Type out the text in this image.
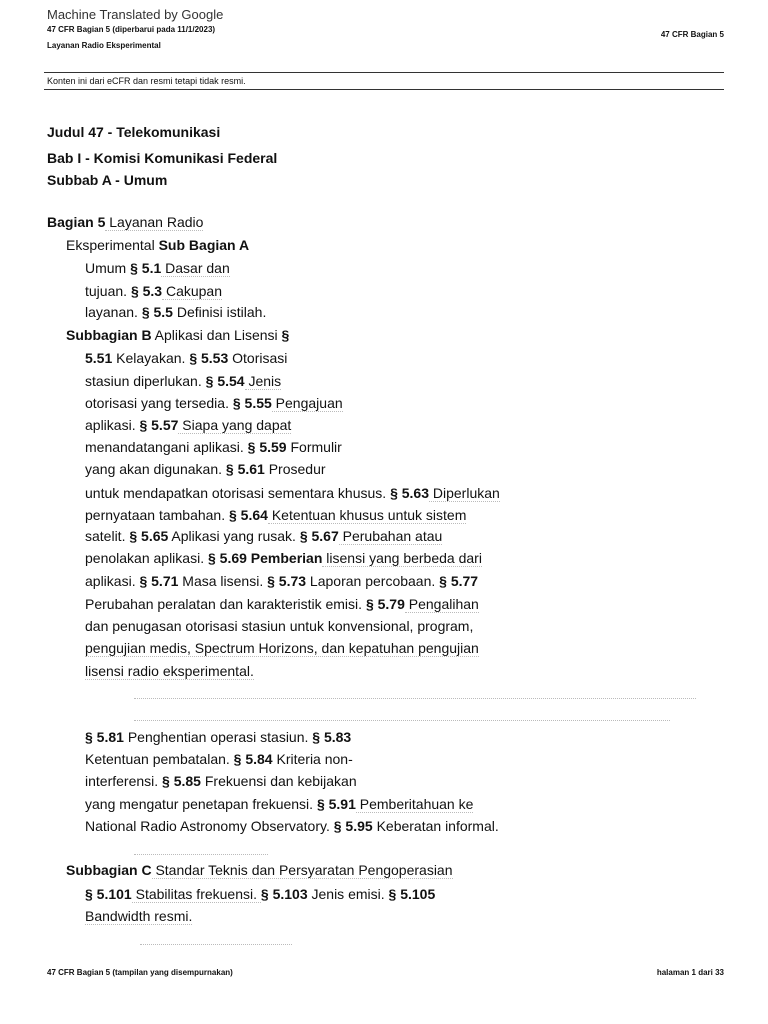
Machine Translated by Google
47 CFR Bagian 5 (diperbarui pada 11/1/2023)
Layanan Radio Eksperimental
47 CFR Bagian 5
Konten ini dari eCFR dan resmi tetapi tidak resmi.
Judul 47 - Telekomunikasi
Bab I - Komisi Komunikasi Federal
Subbab A - Umum
Bagian 5 Layanan Radio
Eksperimental Sub Bagian A
Umum § 5.1 Dasar dan
tujuan. § 5.3 Cakupan
layanan. § 5.5 Definisi istilah.
Subbagian B Aplikasi dan Lisensi §
5.51 Kelayakan. § 5.53 Otorisasi
stasiun diperlukan. § 5.54 Jenis
otorisasi yang tersedia. § 5.55 Pengajuan
aplikasi. § 5.57 Siapa yang dapat
menandatangani aplikasi. § 5.59 Formulir
yang akan digunakan. § 5.61 Prosedur
untuk mendapatkan otorisasi sementara khusus. § 5.63 Diperlukan
pernyataan tambahan. § 5.64 Ketentuan khusus untuk sistem
satelit. § 5.65 Aplikasi yang rusak. § 5.67 Perubahan atau
penolakan aplikasi. § 5.69 Pemberian lisensi yang berbeda dari
aplikasi. § 5.71 Masa lisensi. § 5.73 Laporan percobaan. § 5.77
Perubahan peralatan dan karakteristik emisi. § 5.79 Pengalihan
dan penugasan otorisasi stasiun untuk konvensional, program,
pengujian medis, Spectrum Horizons, dan kepatuhan pengujian
lisensi radio eksperimental.
§ 5.81 Penghentian operasi stasiun. § 5.83
Ketentuan pembatalan. § 5.84 Kriteria non-
interferensi. § 5.85 Frekuensi dan kebijakan
yang mengatur penetapan frekuensi. § 5.91 Pemberitahuan ke
National Radio Astronomy Observatory. § 5.95 Keberatan informal.
Subbagian C Standar Teknis dan Persyaratan Pengoperasian
§ 5.101 Stabilitas frekuensi. § 5.103 Jenis emisi. § 5.105
Bandwidth resmi.
47 CFR Bagian 5 (tampilan yang disempurnakan)	halaman 1 dari 33
